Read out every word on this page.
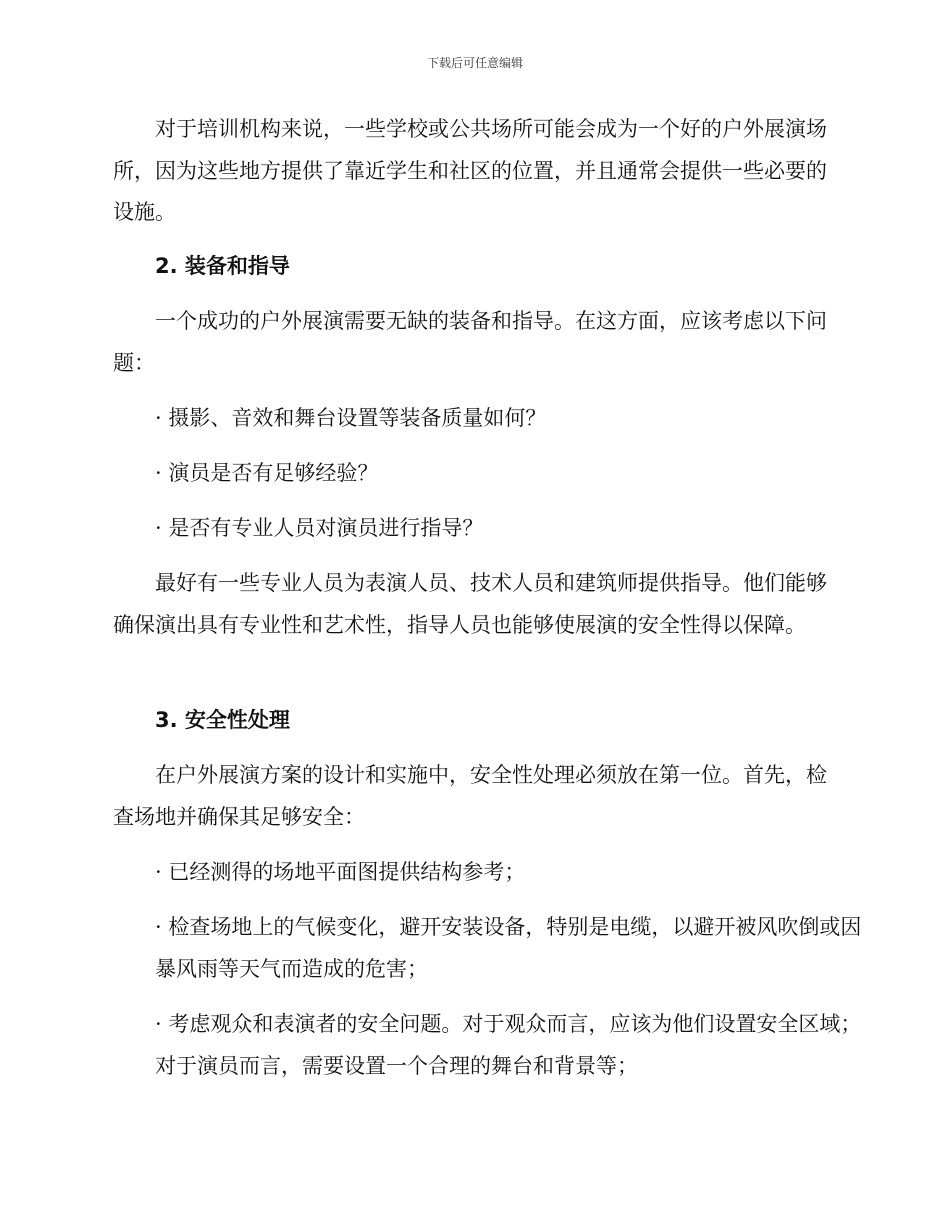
下载后可任意编辑

对于培训机构来说，一些学校或公共场所可能会成为一个好的户外展演场所，因为这些地方提供了靠近学生和社区的位置，并且通常会提供一些必要的设施。

2. 装备和指导

一个成功的户外展演需要无缺的装备和指导。在这方面，应该考虑以下问题：

· 摄影、音效和舞台设置等装备质量如何？

· 演员是否有足够经验？

· 是否有专业人员对演员进行指导？

最好有一些专业人员为表演人员、技术人员和建筑师提供指导。他们能够确保演出具有专业性和艺术性，指导人员也能够使展演的安全性得以保障。

3. 安全性处理

在户外展演方案的设计和实施中，安全性处理必须放在第一位。首先，检查场地并确保其足够安全：

· 已经测得的场地平面图提供结构参考；

· 检查场地上的气候变化，避开安装设备，特别是电缆，以避开被风吹倒或因暴风雨等天气而造成的危害；

· 考虑观众和表演者的安全问题。对于观众而言，应该为他们设置安全区域；对于演员而言，需要设置一个合理的舞台和背景等；
